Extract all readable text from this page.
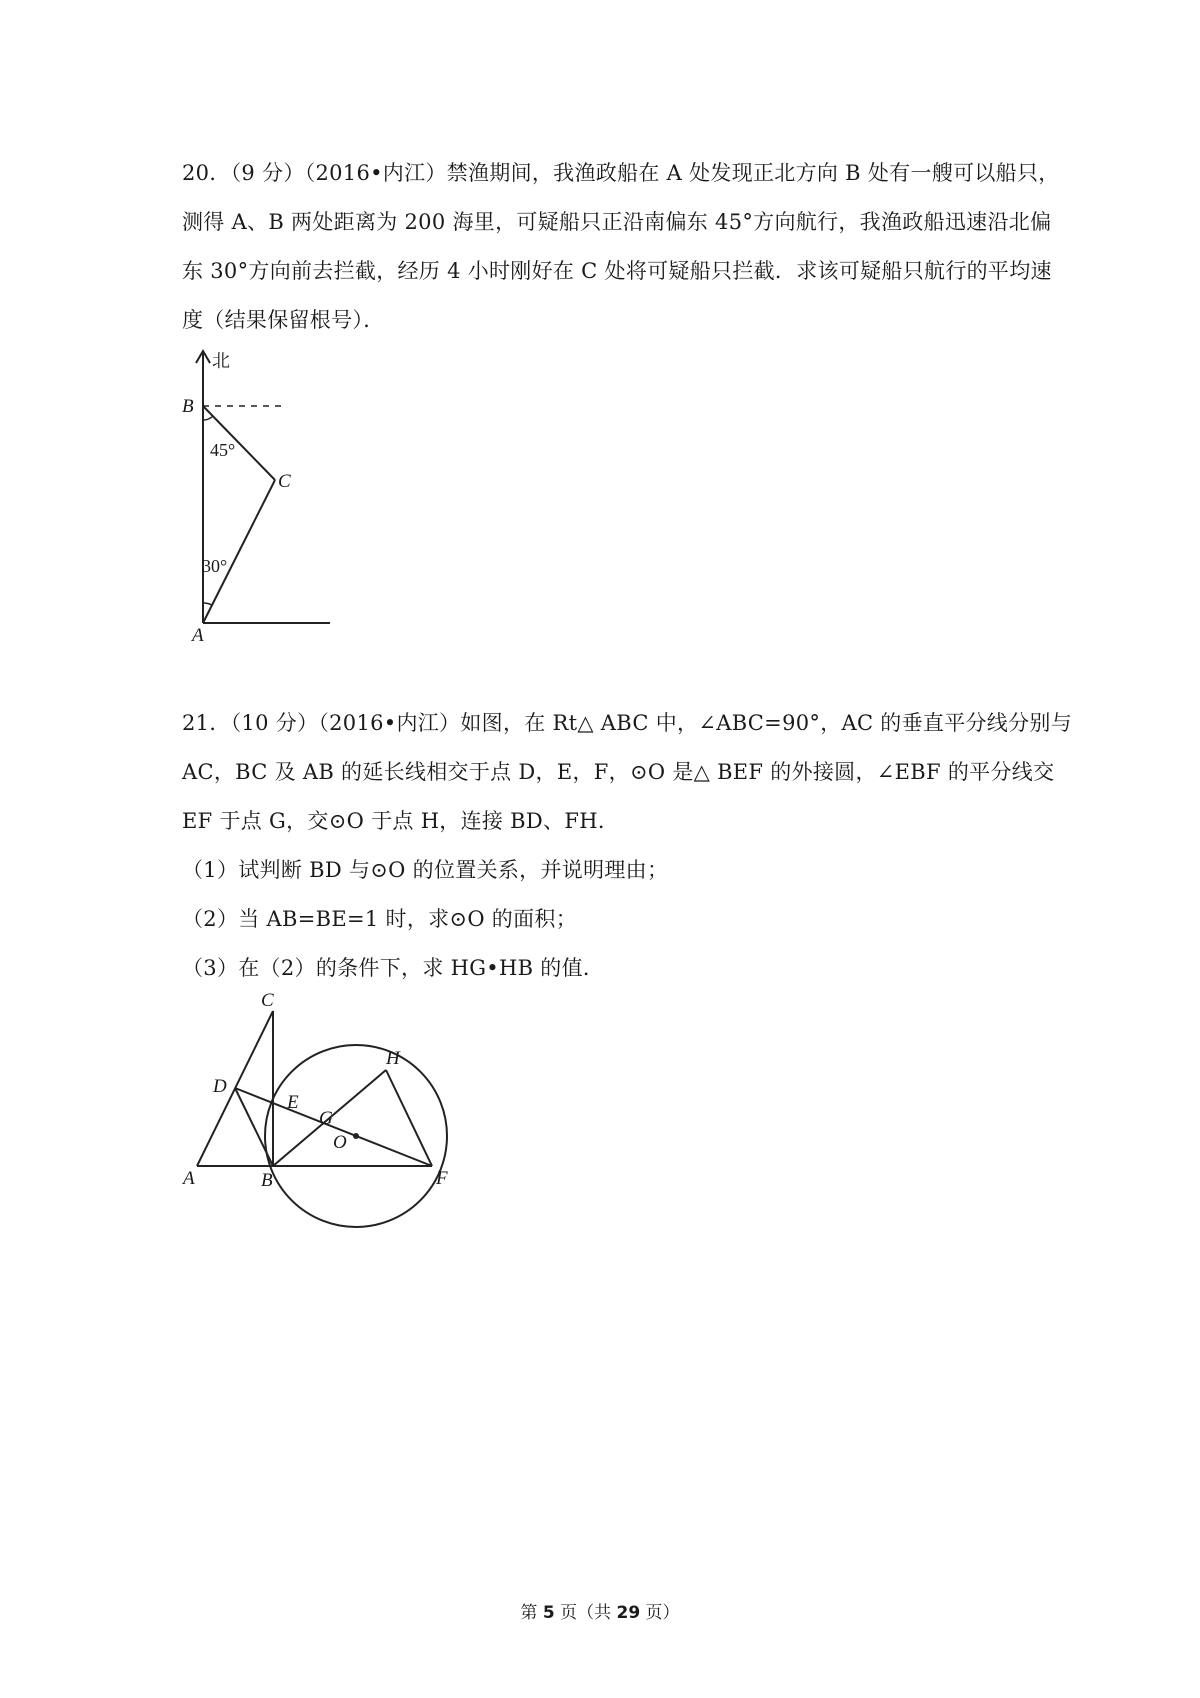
20．（9 分）（2016•内江）禁渔期间，我渔政船在 A 处发现正北方向 B 处有一艘可以船只，
测得 A、B 两处距离为 200 海里，可疑船只正沿南偏东 45°方向航行，我渔政船迅速沿北偏
东 30°方向前去拦截，经历 4 小时刚好在 C 处将可疑船只拦截．求该可疑船只航行的平均速
度（结果保留根号）．
北
B
C
A
45°
30°
21．（10 分）（2016•内江）如图，在 Rt△ ABC 中，∠ABC=90°，AC 的垂直平分线分别与
AC，BC 及 AB 的延长线相交于点 D，E，F，⊙O 是△ BEF 的外接圆，∠EBF 的平分线交
EF 于点 G，交⊙O 于点 H，连接 BD、FH．
（1）试判断 BD 与⊙O 的位置关系，并说明理由；
（2）当 AB=BE=1 时，求⊙O 的面积；
（3）在（2）的条件下，求 HG•HB 的值．
C
H
D
E
G
O
A	B	F
第 5 页（共 29 页）
